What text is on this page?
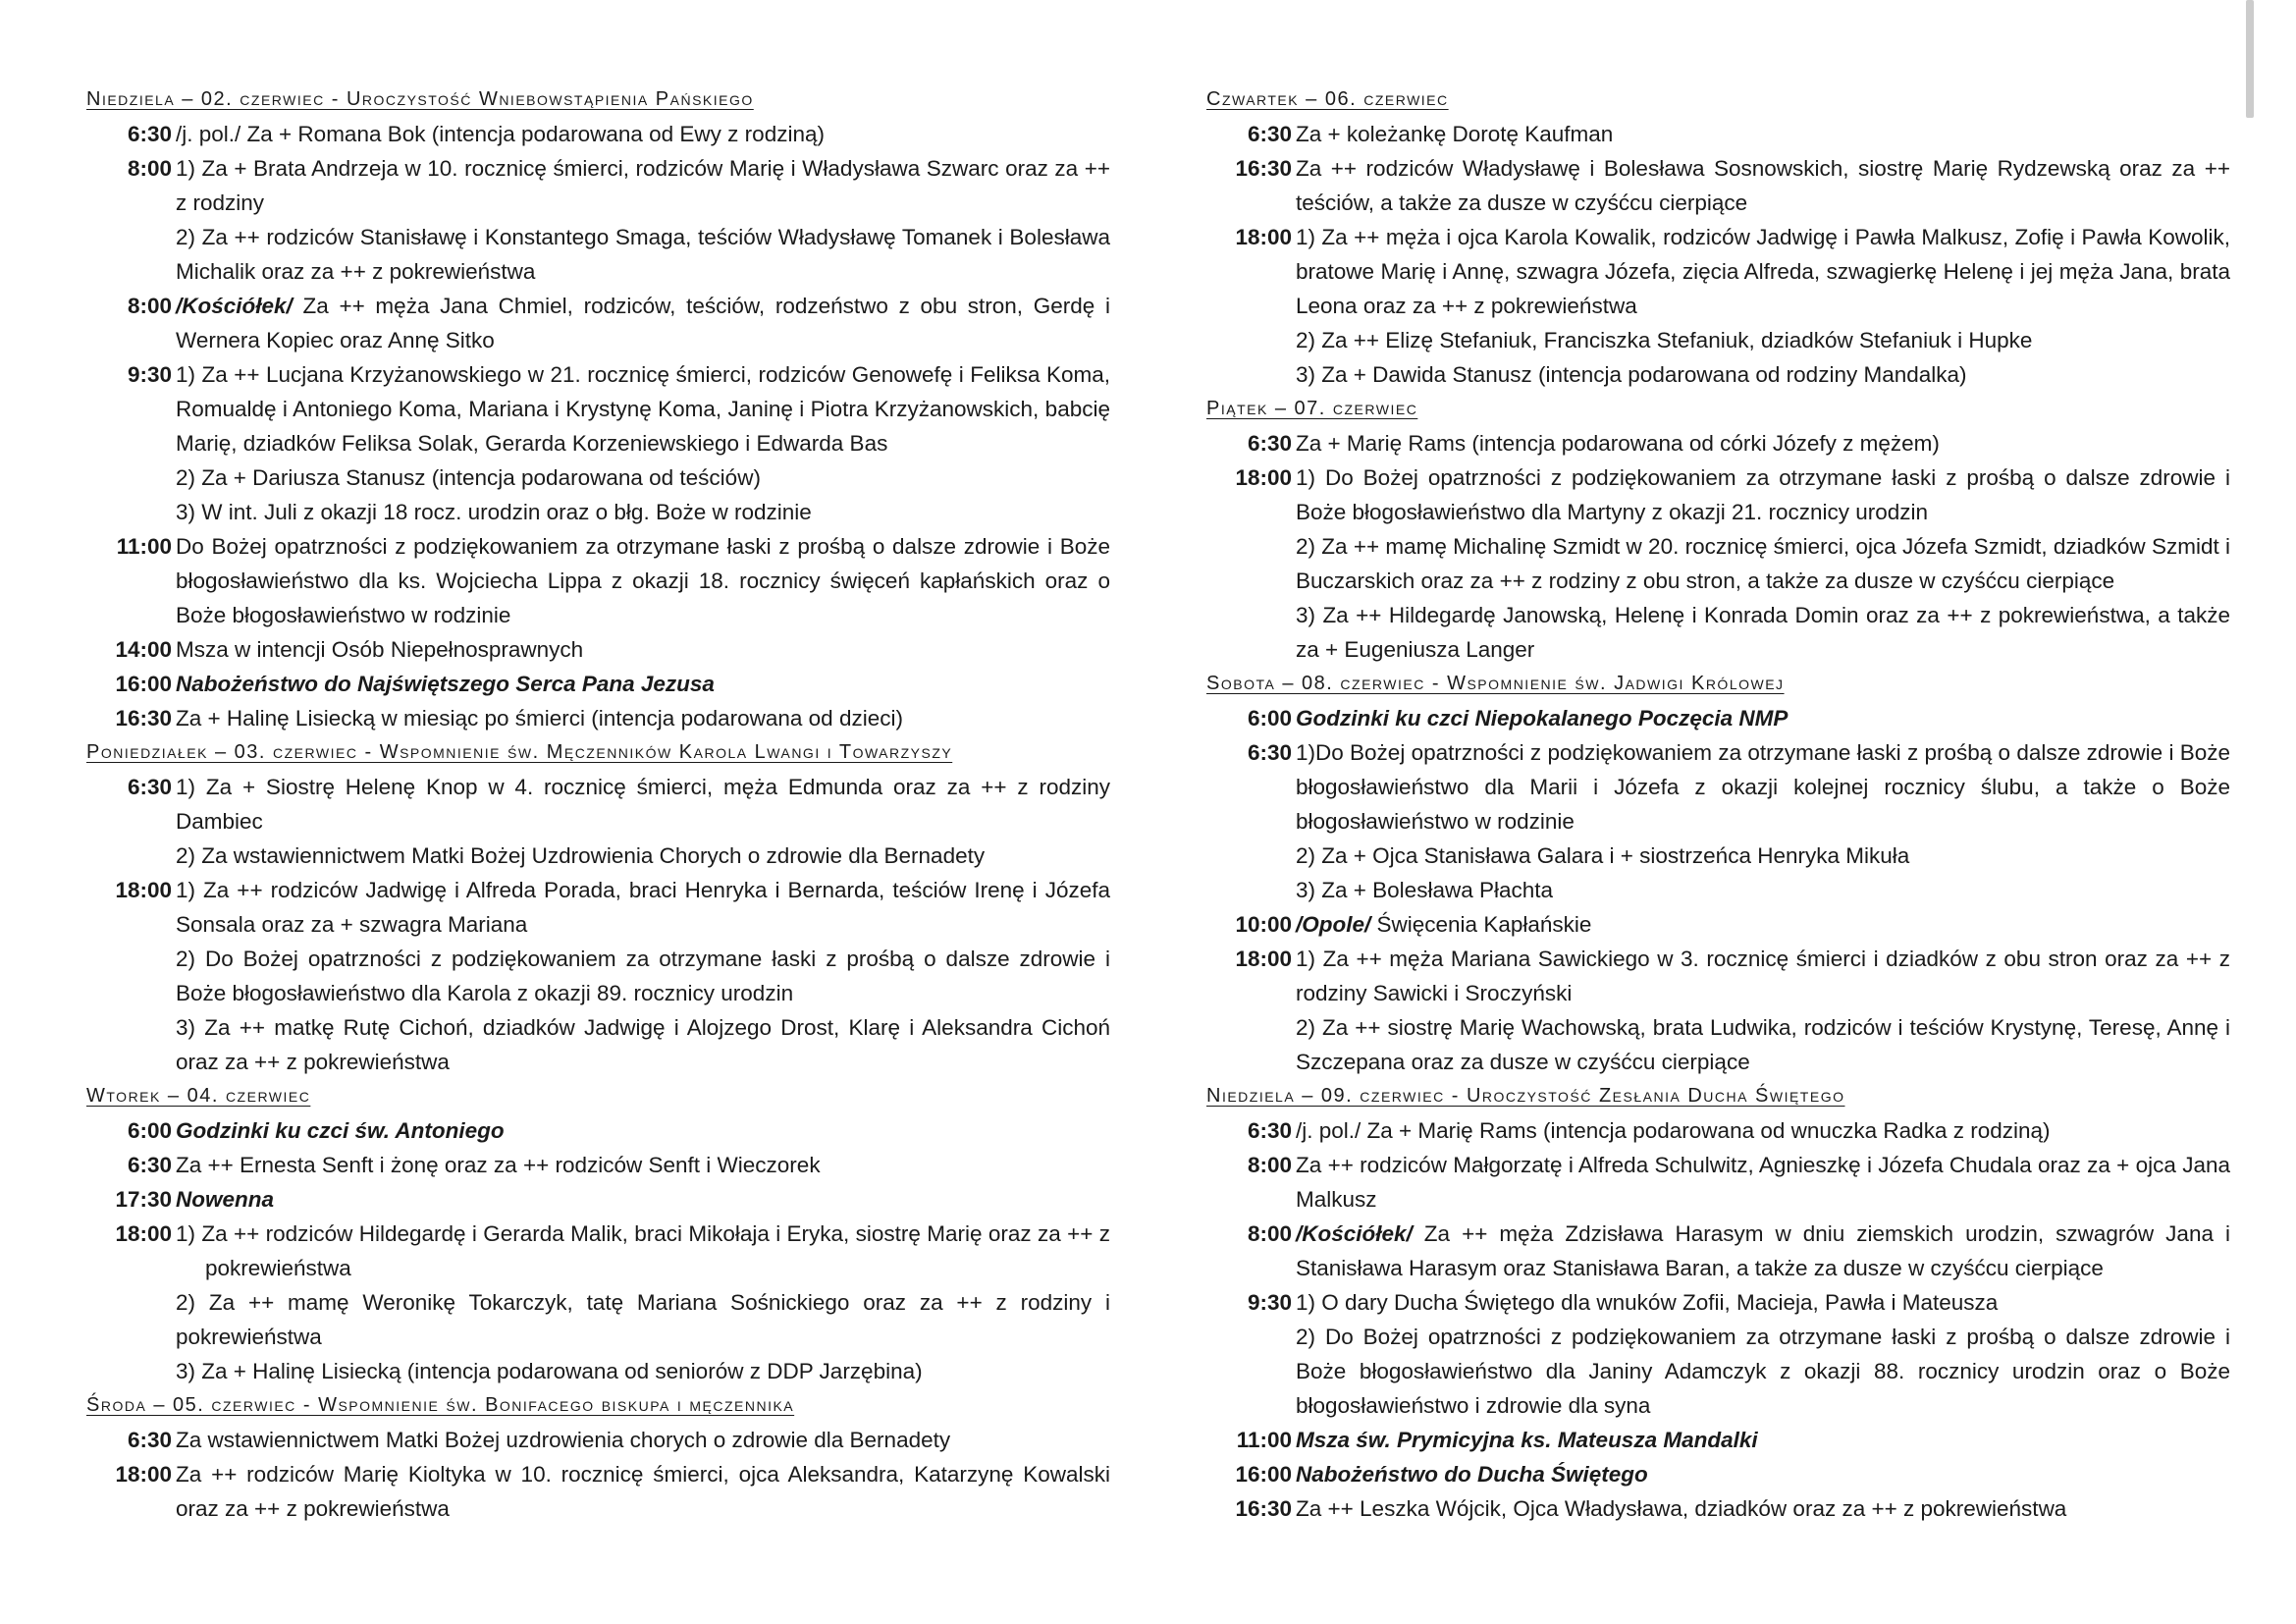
Niedziela – 02. czerwiec - Uroczystość Wniebowstąpienia Pańskiego
6:30 /j. pol./ Za + Romana Bok (intencja podarowana od Ewy z rodziną)
8:00 1) Za + Brata Andrzeja w 10. rocznicę śmierci, rodziców Marię i Władysława Szwarc oraz za ++ z rodziny
2) Za ++ rodziców Stanisławę i Konstantego Smaga, teściów Władysławę Tomanek i Bolesława Michalik oraz za ++ z pokrewieństwa
8:00 /Kościółek/ Za ++ męża Jana Chmiel, rodziców, teściów, rodzeństwo z obu stron, Gerdę i Wernera Kopiec oraz Annę Sitko
9:30 1) Za ++ Lucjana Krzyżanowskiego w 21. rocznicę śmierci, rodziców Genowefę i Feliksa Koma, Romualdę i Antoniego Koma, Mariana i Krystynę Koma, Janinę i Piotra Krzyżanowskich, babcię Marię, dziadków Feliksa Solak, Gerarda Korzeniewskiego i Edwarda Bas
2) Za + Dariusza Stanusz (intencja podarowana od teściów)
3) W int. Juli z okazji 18 rocz. urodzin oraz o błg. Boże w rodzinie
11:00 Do Bożej opatrzności z podziękowaniem za otrzymane łaski z prośbą o dalsze zdrowie i Boże błogosławieństwo dla ks. Wojciecha Lippa z okazji 18. rocznicy święceń kapłańskich oraz o Boże błogosławieństwo w rodzinie
14:00 Msza w intencji Osób Niepełnosprawnych
16:00 Nabożeństwo do Najświętszego Serca Pana Jezusa
16:30 Za + Halinę Lisiecką w miesiąc po śmierci (intencja podarowana od dzieci)
Poniedziałek – 03. czerwiec - Wspomnienie św. Męczenników Karola Lwangi i Towarzyszy
6:30 1) Za + Siostrę Helenę Knop w 4. rocznicę śmierci, męża Edmunda oraz za ++ z rodziny Dambiec
2) Za wstawiennictwem Matki Bożej Uzdrowienia Chorych o zdrowie dla Bernadety
18:00 1) Za ++ rodziców Jadwigę i Alfreda Porada, braci Henryka i Bernarda, teściów Irenę i Józefa Sonsala oraz za + szwagra Mariana
2) Do Bożej opatrzności z podziękowaniem za otrzymane łaski z prośbą o dalsze zdrowie i Boże błogosławieństwo dla Karola z okazji 89. rocznicy urodzin
3) Za ++ matkę Rutę Cichoń, dziadków Jadwigę i Alojzego Drost, Klarę i Aleksandra Cichoń oraz za ++ z pokrewieństwa
Wtorek – 04. czerwiec
6:00 Godzinki ku czci św. Antoniego
6:30 Za ++ Ernesta Senft i żonę oraz za ++ rodziców Senft i Wieczorek
17:30 Nowenna
18:00 1) Za ++ rodziców Hildegardę i Gerarda Malik, braci Mikołaja i Eryka, siostrę Marię oraz za ++ z pokrewieństwa
2) Za ++ mamę Weronikę Tokarczyk, tatę Mariana Sośnickiego oraz za ++ z rodziny i pokrewieństwa
3) Za + Halinę Lisiecką (intencja podarowana od seniorów z DDP Jarzębina)
Środa – 05. czerwiec - Wspomnienie św. Bonifacego biskupa i męczennika
6:30 Za wstawiennictwem Matki Bożej uzdrowienia chorych o zdrowie dla Bernadety
18:00 Za ++ rodziców Marię Kioltyka w 10. rocznicę śmierci, ojca Aleksandra, Katarzynę Kowalski oraz za ++ z pokrewieństwa
Czwartek – 06. czerwiec
6:30 Za + koleżankę Dorotę Kaufman
16:30 Za ++ rodziców Władysławę i Bolesława Sosnowskich, siostrę Marię Rydzewską oraz za ++ teściów, a także za dusze w czyśćcu cierpiące
18:00 1) Za ++ męża i ojca Karola Kowalik, rodziców Jadwigę i Pawła Malkusz, Zofię i Pawła Kowolik, bratowe Marię i Annę, szwagra Józefa, zięcia Alfreda, szwagierkę Helenę i jej męża Jana, brata Leona oraz za ++ z pokrewieństwa
2) Za ++ Elizę Stefaniuk, Franciszka Stefaniuk, dziadków Stefaniuk i Hupke
3) Za + Dawida Stanusz (intencja podarowana od rodziny Mandalka)
Piątek – 07. czerwiec
6:30 Za + Marię Rams (intencja podarowana od córki Józefy z mężem)
18:00 1) Do Bożej opatrzności z podziękowaniem za otrzymane łaski z prośbą o dalsze zdrowie i Boże błogosławieństwo dla Martyny z okazji 21. rocznicy urodzin
2) Za ++ mamę Michalinę Szmidt w 20. rocznicę śmierci, ojca Józefa Szmidt, dziadków Szmidt i Buczarskich oraz za ++ z rodziny z obu stron, a także za dusze w czyśćcu cierpiące
3) Za ++ Hildegardę Janowską, Helenę i Konrada Domin oraz za ++ z pokrewieństwa, a także za + Eugeniusza Langer
Sobota – 08. czerwiec - Wspomnienie św. Jadwigi Królowej
6:00 Godzinki ku czci Niepokalanego Poczęcia NMP
6:30 1)Do Bożej opatrzności z podziękowaniem za otrzymane łaski z prośbą o dalsze zdrowie i Boże błogosławieństwo dla Marii i Józefa z okazji kolejnej rocznicy ślubu, a także o Boże błogosławieństwo w rodzinie
2) Za + Ojca Stanisława Galara i + siostrzeńca Henryka Mikuła
3) Za + Bolesława Płachta
10:00 /Opole/ Święcenia Kapłańskie
18:00 1) Za ++ męża Mariana Sawickiego w 3. rocznicę śmierci i dziadków z obu stron oraz za ++ z rodziny Sawicki i Sroczyński
2) Za ++ siostrę Marię Wachowską, brata Ludwika, rodziców i teściów Krystynę, Teresę, Annę i Szczepana oraz za dusze w czyśćcu cierpiące
Niedziela – 09. czerwiec - Uroczystość Zesłania Ducha Świętego
6:30 /j. pol./ Za + Marię Rams (intencja podarowana od wnuczka Radka z rodziną)
8:00 Za ++ rodziców Małgorzatę i Alfreda Schulwitz, Agnieszkę i Józefa Chudala oraz za + ojca Jana Malkusz
8:00 /Kościółek/ Za ++ męża Zdzisława Harasym w dniu ziemskich urodzin, szwagrów Jana i Stanisława Harasym oraz Stanisława Baran, a także za dusze w czyśćcu cierpiące
9:30 1) O dary Ducha Świętego dla wnuków Zofii, Macieja, Pawła i Mateusza
2) Do Bożej opatrzności z podziękowaniem za otrzymane łaski z prośbą o dalsze zdrowie i Boże błogosławieństwo dla Janiny Adamczyk z okazji 88. rocznicy urodzin oraz o Boże błogosławieństwo i zdrowie dla syna
11:00 Msza św. Prymicyjna ks. Mateusza Mandalki
16:00 Nabożeństwo do Ducha Świętego
16:30 Za ++ Leszka Wójcik, Ojca Władysława, dziadków oraz za ++ z pokrewieństwa
